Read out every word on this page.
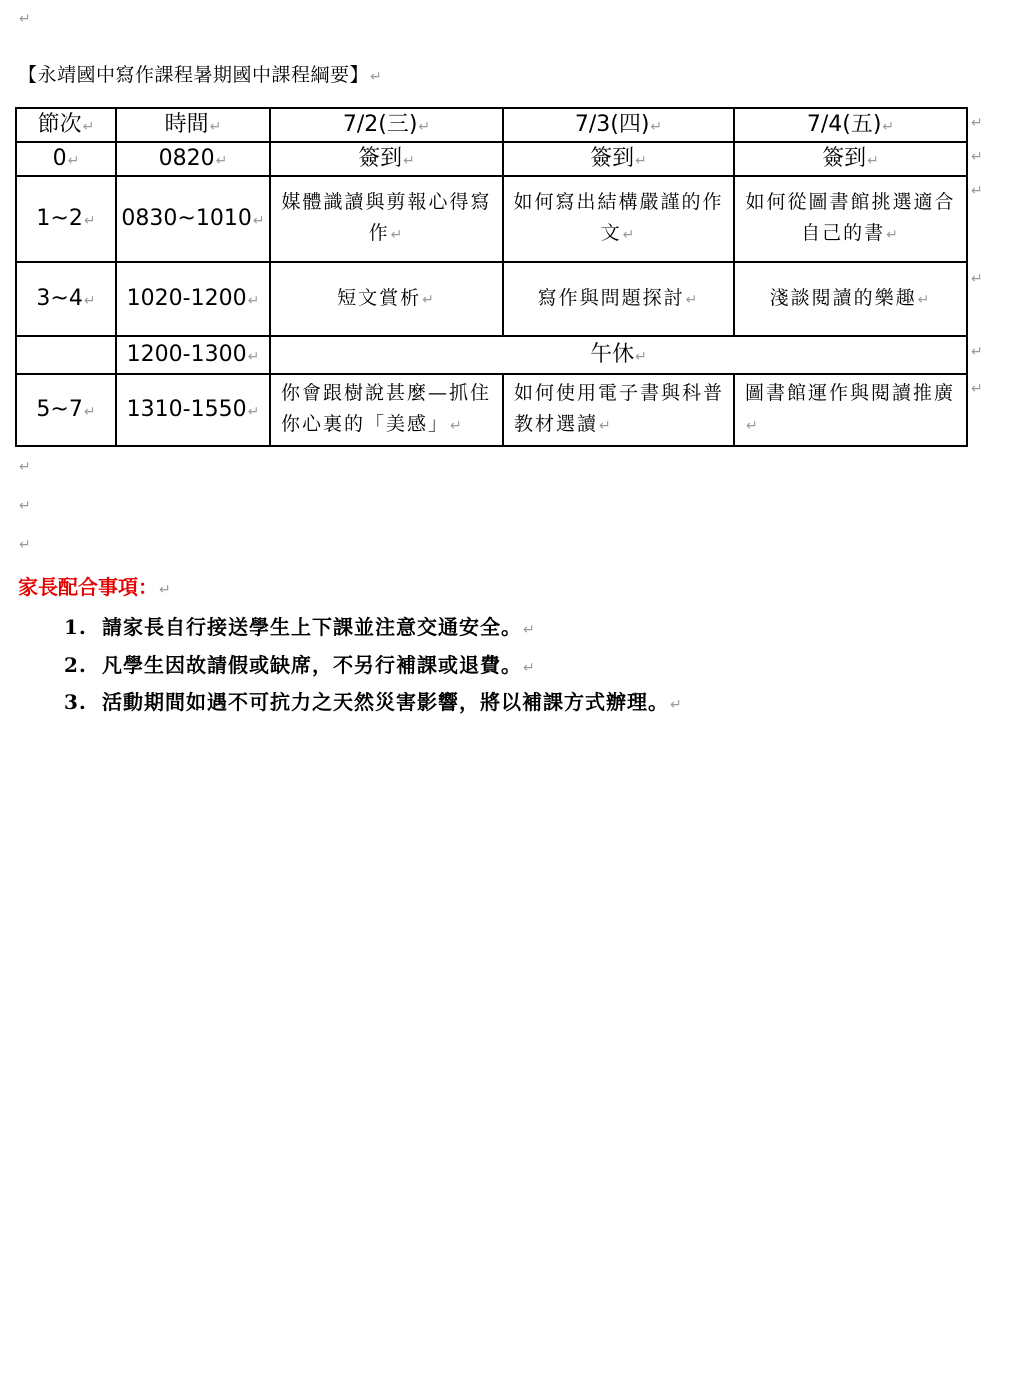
↵
【永靖國中寫作課程暑期國中課程綱要】↵
節次↵	時間↵	7/2(三)↵	7/3(四)↵	7/4(五)↵
0↵	0820↵	簽到↵	簽到↵	簽到↵
1~2↵	0830~1010↵	媒體識讀與剪報心得寫作↵	如何寫出結構嚴謹的作文↵	如何從圖書館挑選適合自己的書↵
3~4↵	1020-1200↵	短文賞析↵	寫作與問題探討↵	淺談閱讀的樂趣↵
	1200-1300↵	午休↵		
5~7↵	1310-1550↵	你會跟樹說甚麼—抓住你心裏的「美感」↵	如何使用電子書與科普教材選讀↵	圖書館運作與閱讀推廣↵
↵
↵
↵
↵
↵
↵
↵
↵
↵
家長配合事項：↵
1. 請家長自行接送學生上下課並注意交通安全。↵
2. 凡學生因故請假或缺席，不另行補課或退費。↵
3. 活動期間如遇不可抗力之天然災害影響，將以補課方式辦理。↵
